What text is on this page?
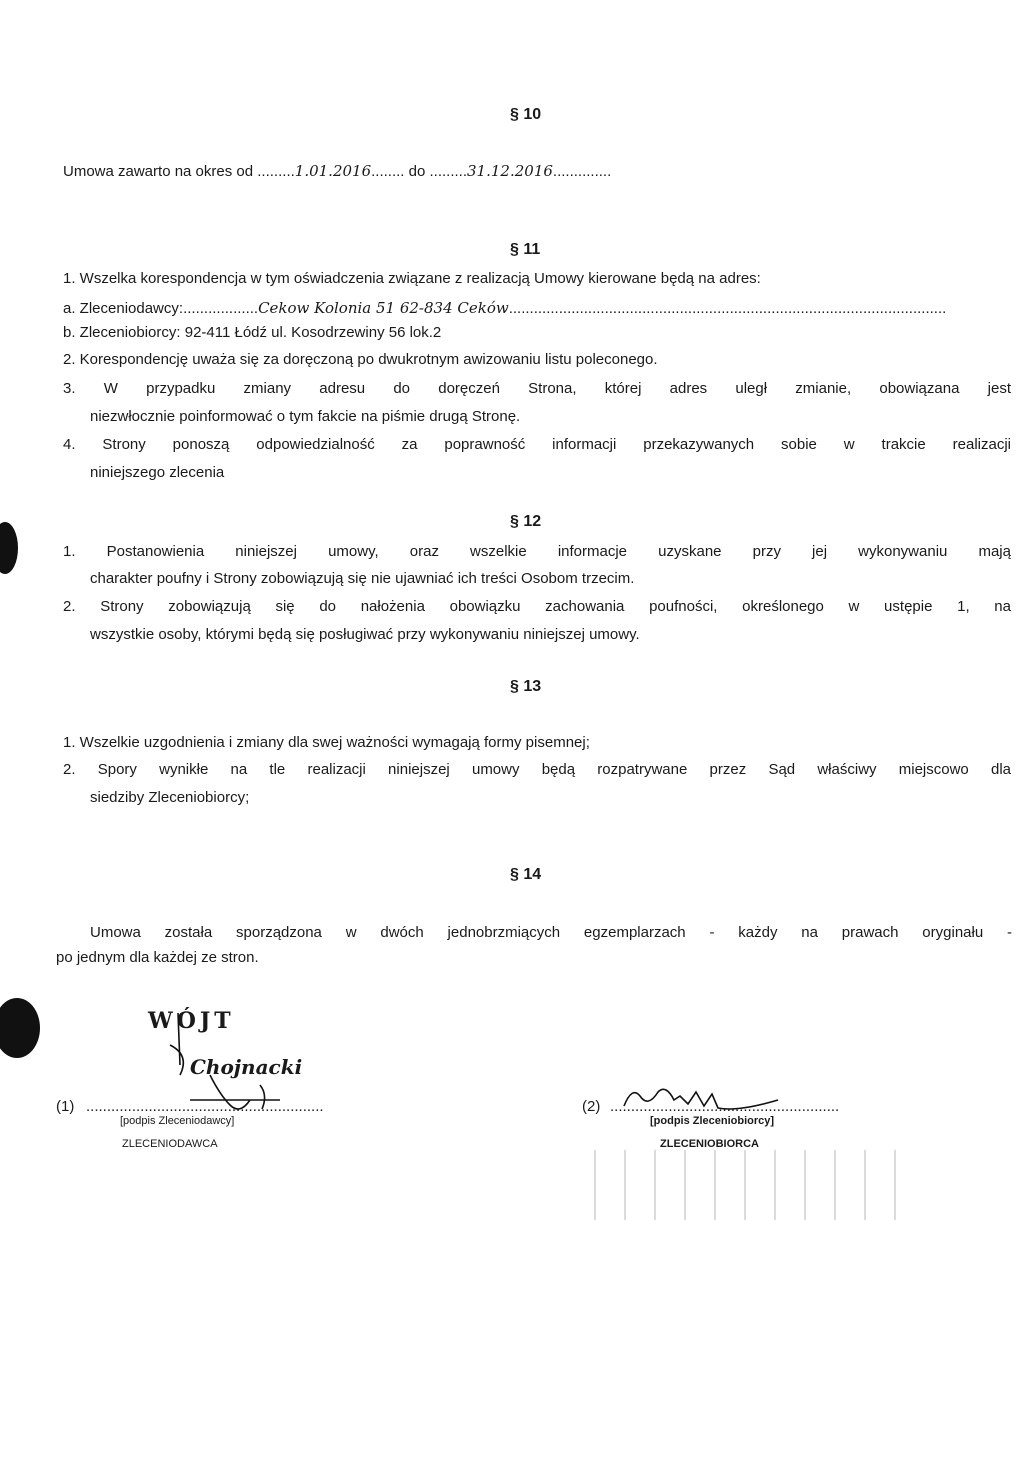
§ 10
Umowa zawarto na okres od .........1.01.2016........ do .........31.12.2016..............
§ 11
1. Wszelka korespondencja w tym oświadczenia związane z realizacją Umowy kierowane będą na adres:
a. Zleceniodawcy:..................Cekow Kolonia 51 62-834 Ceków.........................................................................................................
b. Zleceniobiorcy: 92-411 Łódź ul. Kosodrzewiny 56 lok.2
2. Korespondencję uważa się za doręczoną po dwukrotnym awizowaniu listu poleconego.
3. W przypadku zmiany adresu do doręczeń Strona, której adres uległ zmianie, obowiązana jest
niezwłocznie poinformować o tym fakcie na piśmie drugą Stronę.
4. Strony ponoszą odpowiedzialność za poprawność informacji przekazywanych sobie w trakcie realizacji
niniejszego zlecenia
§ 12
1. Postanowienia niniejszej umowy, oraz wszelkie informacje uzyskane przy jej wykonywaniu mają
charakter poufny i Strony zobowiązują się nie ujawniać ich treści Osobom trzecim.
2. Strony zobowiązują się do nałożenia obowiązku zachowania poufności, określonego w ustępie 1, na
wszystkie osoby, którymi będą się posługiwać przy wykonywaniu niniejszej umowy.
§ 13
1. Wszelkie uzgodnienia i zmiany dla swej ważności wymagają formy pisemnej;
2. Spory wynikłe na tle realizacji niniejszej umowy będą rozpatrywane przez Sąd właściwy miejscowo dla
siedziby Zleceniobiorcy;
§ 14
Umowa została sporządzona w dwóch jednobrzmiących egzemplarzach - każdy na prawach oryginału -
po jednym dla każdej ze stron.
WÓJT
Chojnacki
(1) .........................................................
[podpis Zleceniodawcy]
ZLECENIODAWCA
(2) .......................................................
[podpis Zleceniobiorcy]
ZLECENIOBIORCA
